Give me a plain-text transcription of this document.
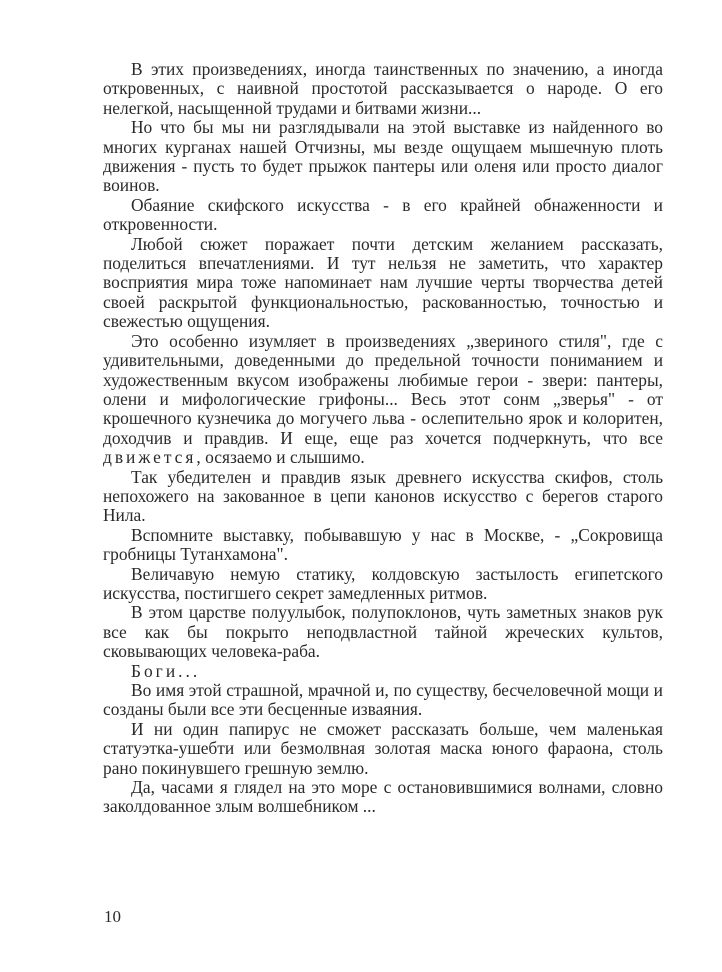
В этих произведениях, иногда таинственных по значению, а иногда откровенных, с наивной простотой рассказывается о народе. О его нелегкой, насыщенной трудами и битвами жизни...

Но что бы мы ни разглядывали на этой выставке из найденного во многих курганах нашей Отчизны, мы везде ощущаем мышечную плоть движения - пусть то будет прыжок пантеры или оленя или просто диалог воинов.

Обаяние скифского искусства - в его крайней обнаженности и откровенности.

Любой сюжет поражает почти детским желанием рассказать, поделиться впечатлениями. И тут нельзя не заметить, что характер восприятия мира тоже напоминает нам лучшие черты творчества детей своей раскрытой функциональностью, раскованностью, точностью и свежестью ощущения.

Это особенно изумляет в произведениях „звериного стиля", где с удивительными, доведенными до предельной точности пониманием и художественным вкусом изображены любимые герои - звери: пантеры, олени и мифологические грифоны... Весь этот сонм „зверья" - от крошечного кузнечика до могучего льва - ослепительно ярок и колоритен, доходчив и правдив. И еще, еще раз хочется подчеркнуть, что все движется, осязаемо и слышимо.

Так убедителен и правдив язык древнего искусства скифов, столь непохожего на закованное в цепи канонов искусство с берегов старого Нила.

Вспомните выставку, побывавшую у нас в Москве, - „Сокровища гробницы Тутанхамона".

Величавую немую статику, колдовскую застылость египетского искусства, постигшего секрет замедленных ритмов.

В этом царстве полуулыбок, полупоклонов, чуть заметных знаков рук все как бы покрыто неподвластной тайной жреческих культов, сковывающих человека-раба.

Боги...

Во имя этой страшной, мрачной и, по существу, бесчеловечной мощи и созданы были все эти бесценные изваяния.

И ни один папирус не сможет рассказать больше, чем маленькая статуэтка-ушебти или безмолвная золотая маска юного фараона, столь рано покинувшего грешную землю.

Да, часами я глядел на это море с остановившимися волнами, словно заколдованное злым волшебником ...

10
